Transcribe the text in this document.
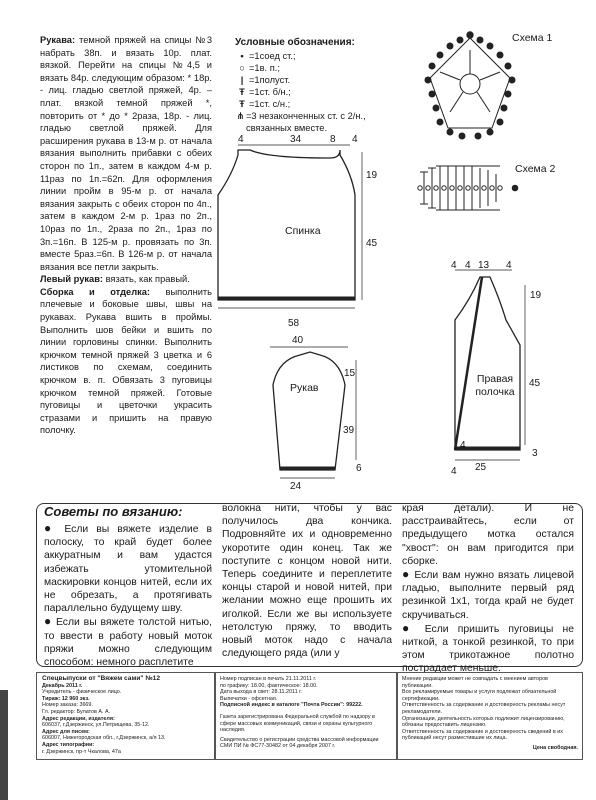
Рукава: темной пряжей на спицы №3 набрать 38п. и вязать 10р. плат. вязкой. Перейти на спицы №4,5 и вязать 84р. следующим образом: * 18р. - лиц. гладью светлой пряжей, 4р. – плат. вязкой темной пряжей *, повторить от * до * 2раза, 18р. - лиц. гладью светлой пряжей. Для расширения рукава в 13-м р. от начала вязания выполнить прибавки с обеих сторон по 1п., затем в каждом 4-м р. 11раз по 1п.=62п. Для оформления линии пройм в 95-м р. от начала вязания закрыть с обеих сторон по 4п., затем в каждом 2-м р. 1раз по 2п., 10раз по 1п., 2раза по 2п., 1раз по 3п.=16п. В 125-м р. провязать по 3п. вместе 5раз.=6п. В 126-м р. от начала вязания все петли закрыть.

Левый рукав: вязать, как правый.

Сборка и отделка: выполнить плечевые и боковые швы, швы на рукавах. Рукава вшить в проймы. Выполнить шов бейки и вшить по линии горловины спинки. Выполнить крючком темной пряжей 3 цветка и 6 листиков по схемам, соединить крючком в. п. Обвязать 3 пуговицы крючком темной пряжей. Готовые пуговицы и цветочки украсить стразами и пришить на правую полочку.

Условные обозначения:
• =1соед ст.;
○ =1в. п.;
| =1полуст.
Ŧ =1ст. б/н.;
Ŧ =1ст. с/н.;
⋔ =3 незаконченных ст. с 2/н., связанных вместе.
Схема 1
Схема 2
Спинка
4	34	8 4
19
45
58
Рукав
40
15
39
6
24
Правая
полочка
4 4 13 4
19
45
4
4 25
3
Советы по вязанию:

● Если вы вяжете изделие в полоску, то край будет более аккуратным и вам удастся избежать утомительной маскировки концов нитей, если их не обрезать, а протягивать параллельно будущему шву.

● Если вы вяжете толстой нитью, то ввести в работу новый моток пряжи можно следующим способом: немного расплетите

волокна нити, чтобы у вас получилось два кончика. Подровняйте их и одновременно укоротите один конец. Так же поступите с концом новой нити. Теперь соедините и переплетите концы старой и новой нитей, при желании можно еще прошить их иголкой. Если же вы используете нетолстую пряжу, то вводить новый моток надо с начала следующего ряда (или у

края детали). И не расстраивайтесь, если от предыдущего мотка остался "хвост": он вам пригодится при сборке.

● Если вам нужно вязать лицевой гладью, выполните первый ряд резинкой 1х1, тогда край не будет скручиваться.

● Если пришить пуговицы не ниткой, а тонкой резинкой, то при этом трикотажное полотно пострадает меньше.

Спецвыпуски от "Вяжем сами" №12
Декабрь 2011 г.
Учредитель - физическое лицо.
Тираж: 12 960 экз.
Номер заказа: 3669.
Гл. редактор: Булатов А. А.
Адрес редакции, издателя:
606037, г.Дзержинск, ул.Петрищева, 35-12.
Адрес для писем:
606007, Нижегородская обл., г.Дзержинск, а/я 13.
Адрес типографии:
г. Дзержинск, пр-т Чкалова, 47а
Номер подписан в печать 21.11.2011 г.
по графику: 18.00, фактическое: 18.00.
Дата выхода в свет: 28.11.2011 г.
Выпечатки - офсетная.
Подписной индекс в каталоге "Почта России": 99222.
Газета зарегистрирована Федеральной службой по надзору в сфере массовых коммуникаций, связи и охраны культурного наследия.
Свидетельство о регистрации средства массовой информации СМИ ПИ № ФС77-30482 от 04 декабря 2007 г.
Мнение редакции может не совпадать с мнением авторов публикации.
Все рекламируемые товары и услуги подлежат обязательной сертификации.
Ответственность за содержание и достоверность рекламы несут рекламодатели.
Организации, деятельность которых подлежит лицензированию, обязаны предоставить лицензию.
Ответственность за содержание и достоверность сведений в их публикаций несут разместившие их лица.
Цена свободная.
